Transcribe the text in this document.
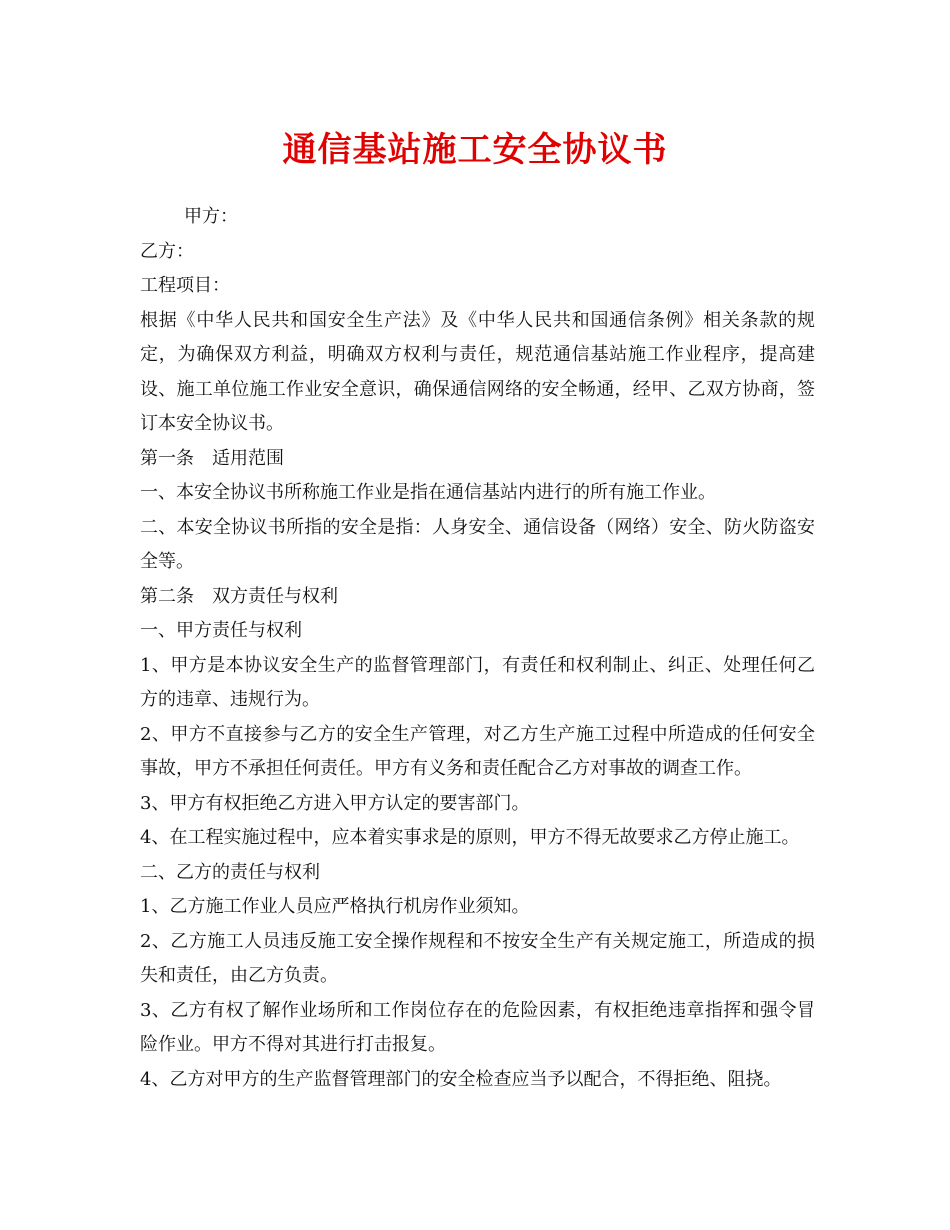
通信基站施工安全协议书

甲方：

乙方：

工程项目：

根据《中华人民共和国安全生产法》及《中华人民共和国通信条例》相关条款的规定，为确保双方利益，明确双方权利与责任，规范通信基站施工作业程序，提高建设、施工单位施工作业安全意识，确保通信网络的安全畅通，经甲、乙双方协商，签订本安全协议书。

第一条　适用范围

一、本安全协议书所称施工作业是指在通信基站内进行的所有施工作业。

二、本安全协议书所指的安全是指：人身安全、通信设备（网络）安全、防火防盗安全等。

第二条　双方责任与权利

一、甲方责任与权利

1、甲方是本协议安全生产的监督管理部门，有责任和权利制止、纠正、处理任何乙方的违章、违规行为。

2、甲方不直接参与乙方的安全生产管理，对乙方生产施工过程中所造成的任何安全事故，甲方不承担任何责任。甲方有义务和责任配合乙方对事故的调查工作。

3、甲方有权拒绝乙方进入甲方认定的要害部门。

4、在工程实施过程中，应本着实事求是的原则，甲方不得无故要求乙方停止施工。

二、乙方的责任与权利

1、乙方施工作业人员应严格执行机房作业须知。

2、乙方施工人员违反施工安全操作规程和不按安全生产有关规定施工，所造成的损失和责任，由乙方负责。

3、乙方有权了解作业场所和工作岗位存在的危险因素，有权拒绝违章指挥和强令冒险作业。甲方不得对其进行打击报复。

4、乙方对甲方的生产监督管理部门的安全检查应当予以配合，不得拒绝、阻挠。
